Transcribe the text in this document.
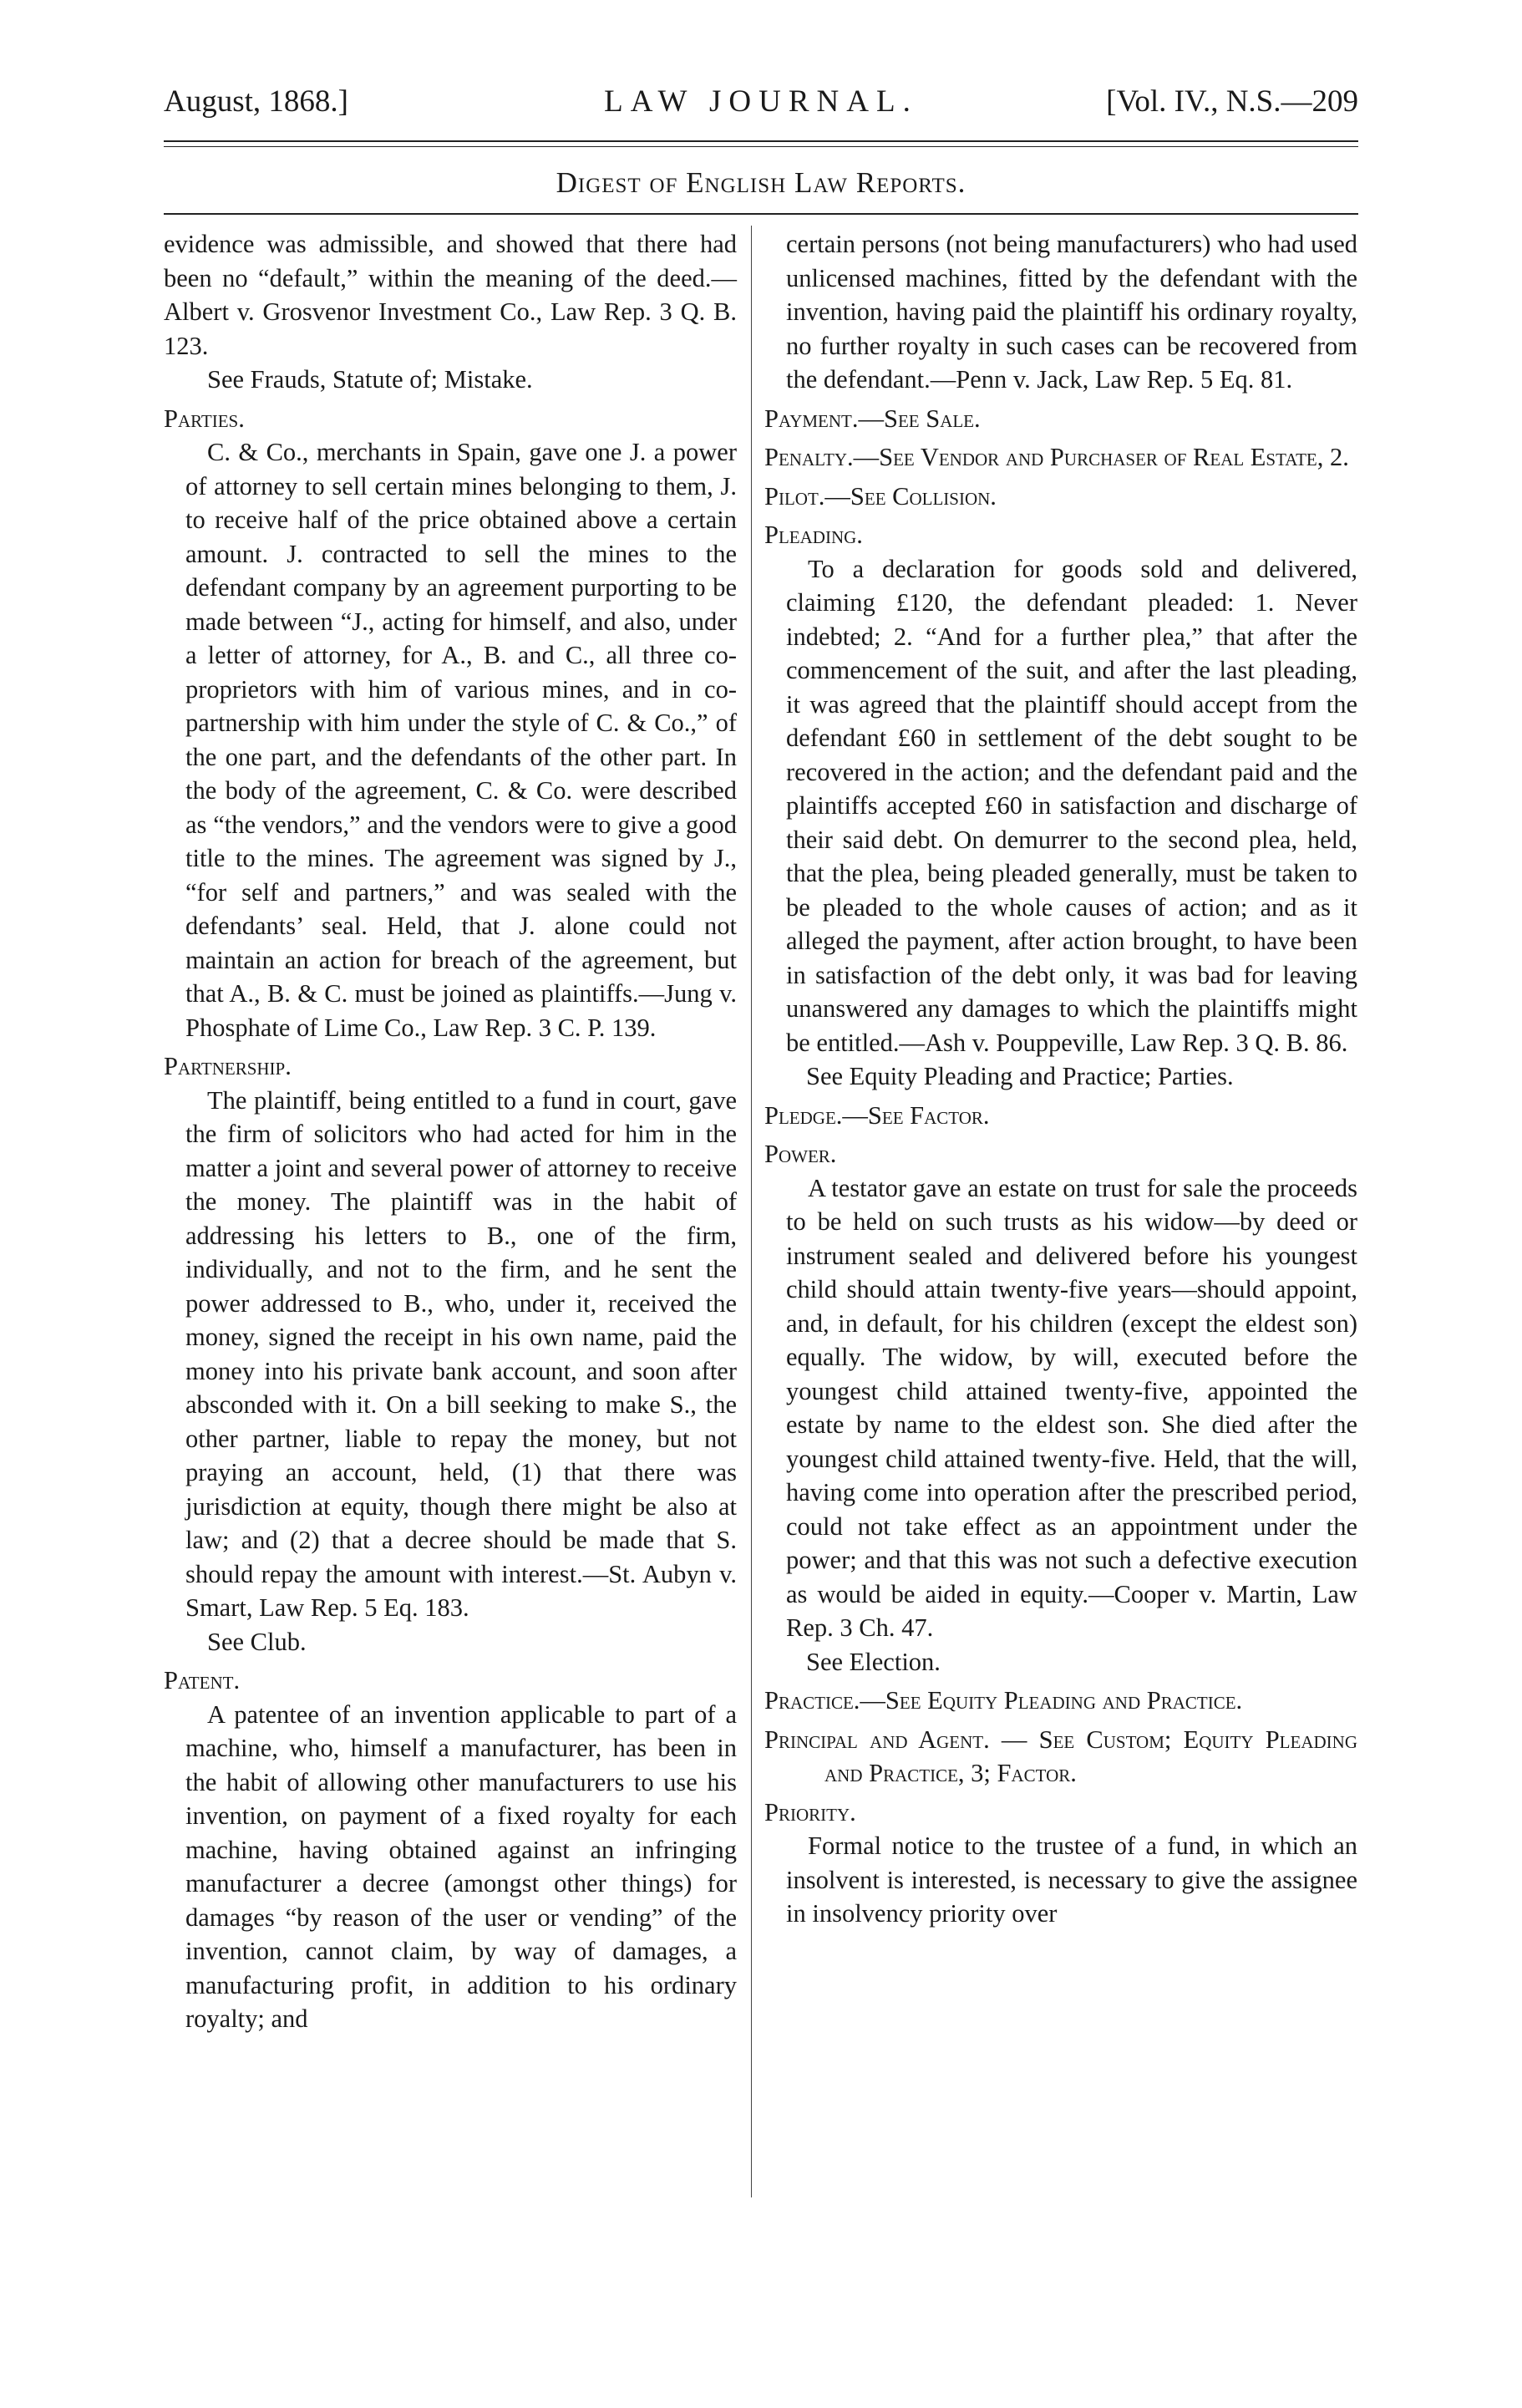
August, 1868.]	LAW JOURNAL.	[Vol. IV., N.S.—209
Digest of English Law Reports.

evidence was admissible, and showed that there had been no “default,” within the meaning of the deed.—Albert v. Grosvenor Investment Co., Law Rep. 3 Q. B. 123.

See Frauds, Statute of; Mistake.

Parties.

C. & Co., merchants in Spain, gave one J. a power of attorney to sell certain mines belonging to them, J. to receive half of the price obtained above a certain amount. J. contracted to sell the mines to the defendant company by an agreement purporting to be made between “J., acting for himself, and also, under a letter of attorney, for A., B. and C., all three co-proprietors with him of various mines, and in co-partnership with him under the style of C. & Co.,” of the one part, and the defendants of the other part. In the body of the agreement, C. & Co. were described as “the vendors,” and the vendors were to give a good title to the mines. The agreement was signed by J., “for self and partners,” and was sealed with the defendants’ seal. Held, that J. alone could not maintain an action for breach of the agreement, but that A., B. & C. must be joined as plaintiffs.—Jung v. Phosphate of Lime Co., Law Rep. 3 C. P. 139.

Partnership.

The plaintiff, being entitled to a fund in court, gave the firm of solicitors who had acted for him in the matter a joint and several power of attorney to receive the money. The plaintiff was in the habit of addressing his letters to B., one of the firm, individually, and not to the firm, and he sent the power addressed to B., who, under it, received the money, signed the receipt in his own name, paid the money into his private bank account, and soon after absconded with it. On a bill seeking to make S., the other partner, liable to repay the money, but not praying an account, held, (1) that there was jurisdiction at equity, though there might be also at law; and (2) that a decree should be made that S. should repay the amount with interest.—St. Aubyn v. Smart, Law Rep. 5 Eq. 183.

See Club.

Patent.

A patentee of an invention applicable to part of a machine, who, himself a manufacturer, has been in the habit of allowing other manufacturers to use his invention, on payment of a fixed royalty for each machine, having obtained against an infringing manufacturer a decree (amongst other things) for damages “by reason of the user or vending” of the invention, cannot claim, by way of damages, a manufacturing profit, in addition to his ordinary royalty; and

certain persons (not being manufacturers) who had used unlicensed machines, fitted by the defendant with the invention, having paid the plaintiff his ordinary royalty, no further royalty in such cases can be recovered from the defendant.—Penn v. Jack, Law Rep. 5 Eq. 81.

Payment.—See Sale.

Penalty.—See Vendor and Purchaser of Real Estate, 2.

Pilot.—See Collision.

Pleading.

To a declaration for goods sold and delivered, claiming £120, the defendant pleaded: 1. Never indebted; 2. “And for a further plea,” that after the commencement of the suit, and after the last pleading, it was agreed that the plaintiff should accept from the defendant £60 in settlement of the debt sought to be recovered in the action; and the defendant paid and the plaintiffs accepted £60 in satisfaction and discharge of their said debt. On demurrer to the second plea, held, that the plea, being pleaded generally, must be taken to be pleaded to the whole causes of action; and as it alleged the payment, after action brought, to have been in satisfaction of the debt only, it was bad for leaving unanswered any damages to which the plaintiffs might be entitled.—Ash v. Pouppeville, Law Rep. 3 Q. B. 86.

See Equity Pleading and Practice; Parties.

Pledge.—See Factor.

Power.

A testator gave an estate on trust for sale the proceeds to be held on such trusts as his widow—by deed or instrument sealed and delivered before his youngest child should attain twenty-five years—should appoint, and, in default, for his children (except the eldest son) equally. The widow, by will, executed before the youngest child attained twenty-five, appointed the estate by name to the eldest son. She died after the youngest child attained twenty-five. Held, that the will, having come into operation after the prescribed period, could not take effect as an appointment under the power; and that this was not such a defective execution as would be aided in equity.—Cooper v. Martin, Law Rep. 3 Ch. 47.

See Election.

Practice.—See Equity Pleading and Practice.

Principal and Agent. — See Custom; Equity Pleading and Practice, 3; Factor.

Priority.

Formal notice to the trustee of a fund, in which an insolvent is interested, is necessary to give the assignee in insolvency priority over
